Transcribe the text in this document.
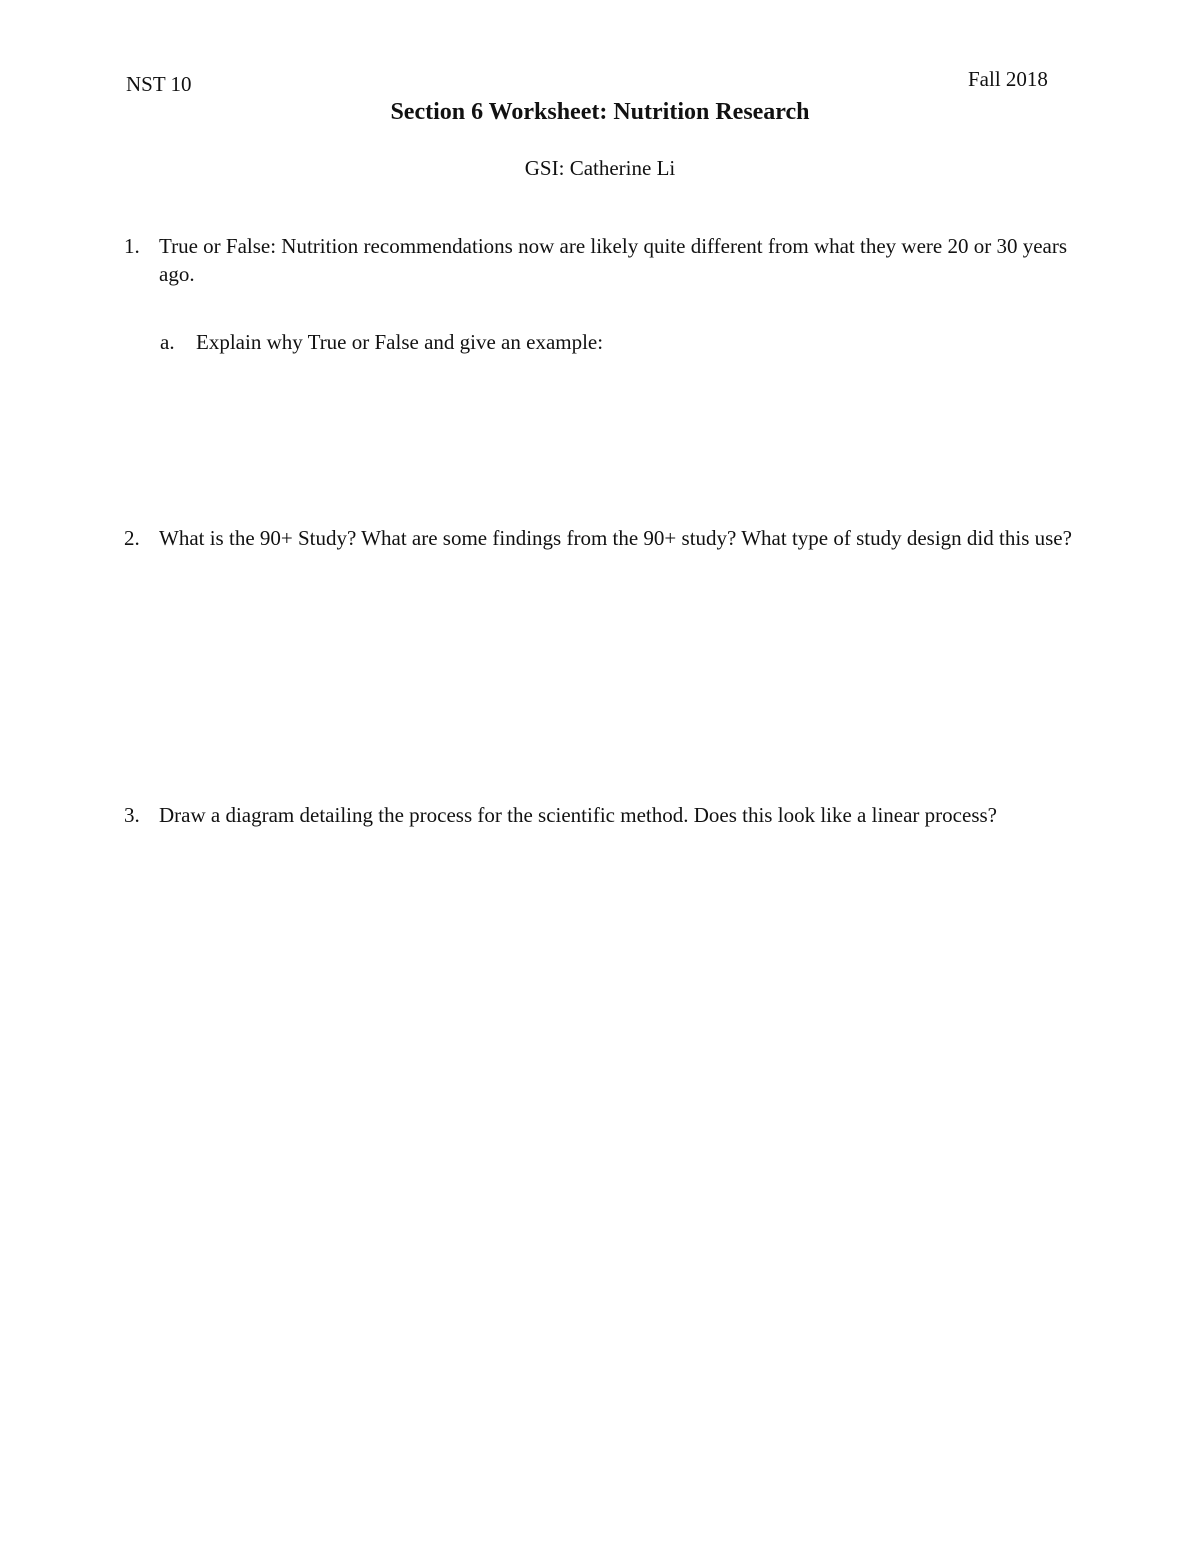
NST 10	Fall 2018
Section 6 Worksheet: Nutrition Research
GSI: Catherine Li
1. True or False: Nutrition recommendations now are likely quite different from what they were 20 or 30 years ago.
a. Explain why True or False and give an example:
2. What is the 90+ Study? What are some findings from the 90+ study? What type of study design did this use?
3. Draw a diagram detailing the process for the scientific method. Does this look like a linear process?
